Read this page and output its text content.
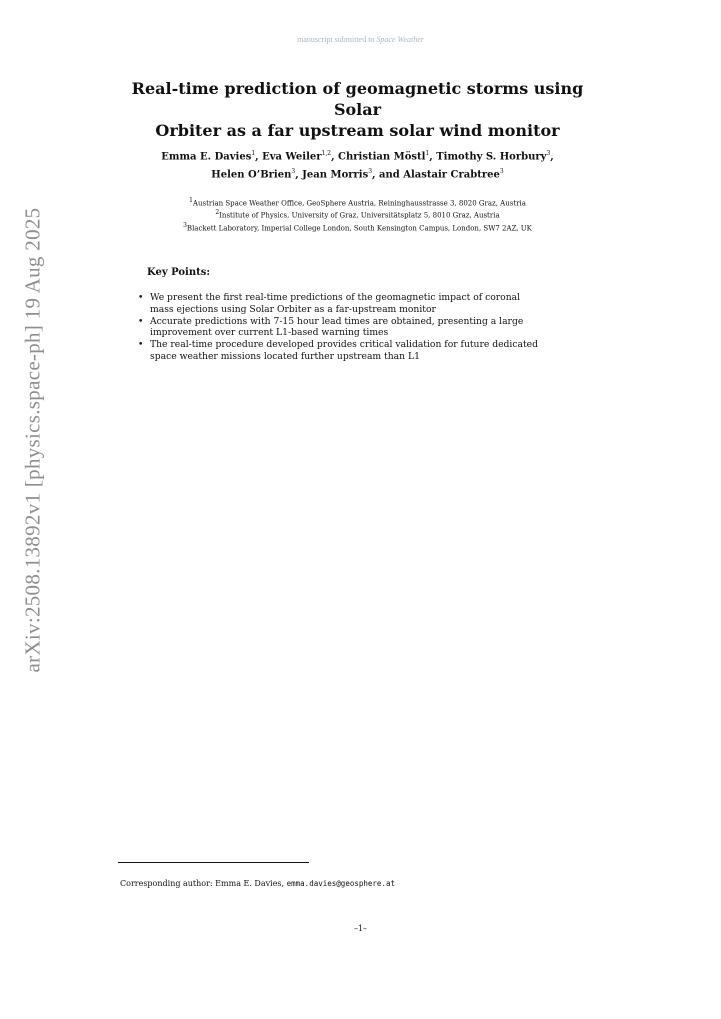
manuscript submitted to Space Weather
Real-time prediction of geomagnetic storms using Solar
Orbiter as a far upstream solar wind monitor
Emma E. Davies$^1$, Eva Weiler$^{1,2}$, Christian Möstl$^1$, Timothy S. Horbury$^3$,
Helen O’Brien$^3$, Jean Morris$^3$, and Alastair Crabtree$^3$
$^1$Austrian Space Weather Office, GeoSphere Austria, Reininghausstrasse 3, 8020 Graz, Austria
$^2$Institute of Physics, University of Graz, Universitätsplatz 5, 8010 Graz, Austria
$^3$Blackett Laboratory, Imperial College London, South Kensington Campus, London, SW7 2AZ, UK
arXiv:2508.13892v1 [physics.space-ph] 19 Aug 2025	Key Points:
• We present the first real-time predictions of the geomagnetic impact of coronal
mass ejections using Solar Orbiter as a far-upstream monitor
• Accurate predictions with 7-15 hour lead times are obtained, presenting a large
improvement over current L1-based warning times
• The real-time procedure developed provides critical validation for future dedicated
space weather missions located further upstream than L1
Corresponding author: Emma E. Davies, emma.davies@geosphere.at
–1–
